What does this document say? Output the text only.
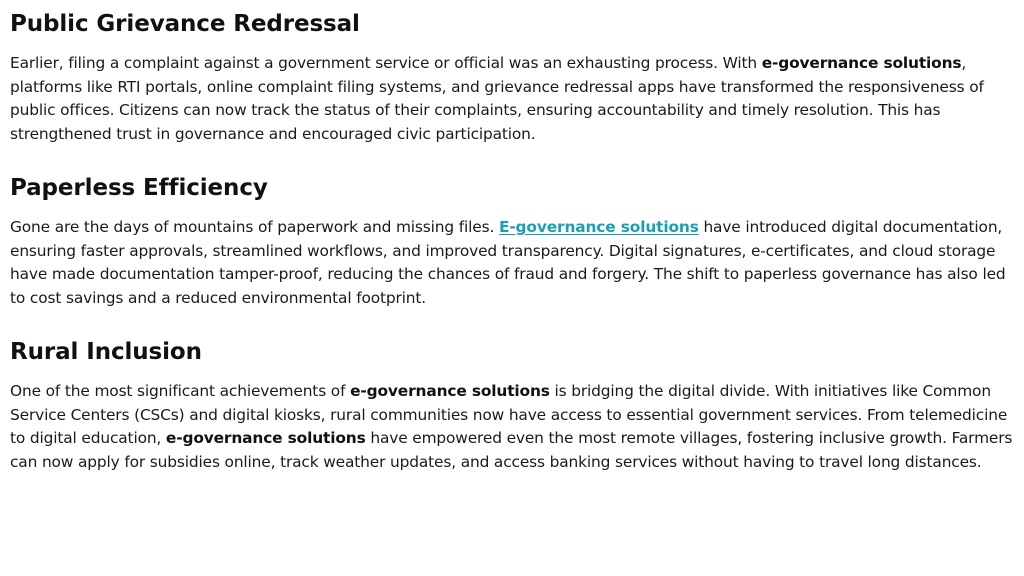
Public Grievance Redressal

Earlier, filing a complaint against a government service or official was an exhausting process. With e-governance solutions, platforms like RTI portals, online complaint filing systems, and grievance redressal apps have transformed the responsiveness of public offices. Citizens can now track the status of their complaints, ensuring accountability and timely resolution. This has strengthened trust in governance and encouraged civic participation.

Paperless Efficiency

Gone are the days of mountains of paperwork and missing files. E-governance solutions have introduced digital documentation, ensuring faster approvals, streamlined workflows, and improved transparency. Digital signatures, e-certificates, and cloud storage have made documentation tamper-proof, reducing the chances of fraud and forgery. The shift to paperless governance has also led to cost savings and a reduced environmental footprint.

Rural Inclusion

One of the most significant achievements of e-governance solutions is bridging the digital divide. With initiatives like Common Service Centers (CSCs) and digital kiosks, rural communities now have access to essential government services. From telemedicine to digital education, e-governance solutions have empowered even the most remote villages, fostering inclusive growth. Farmers can now apply for subsidies online, track weather updates, and access banking services without having to travel long distances.
